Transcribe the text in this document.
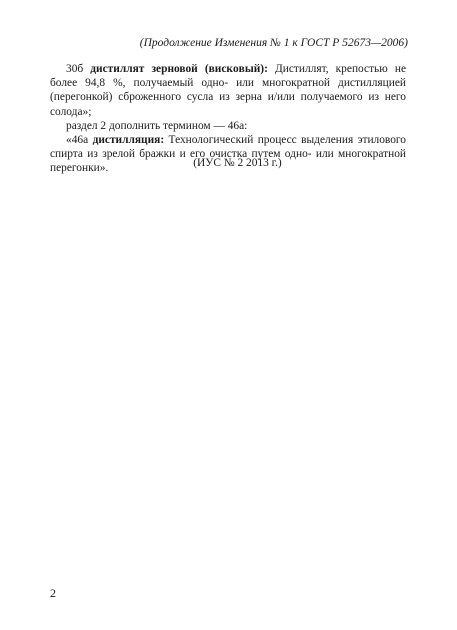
(Продолжение Изменения № 1 к ГОСТ Р 52673—2006)

30б дистиллят зерновой (вискoвый): Дистиллят, крепостью не более 94,8 %, получаемый одно- или многократной дистилляцией (перегонкой) сброженного сусла из зерна и/или получаемого из него солода»;

раздел 2 дополнить термином — 46а:

«46а дистилляция: Технологический процесс выделения этилового спирта из зрелой бражки и его очистка путем одно- или многократной перегонки».	(ИУС № 2 2013 г.)
2
